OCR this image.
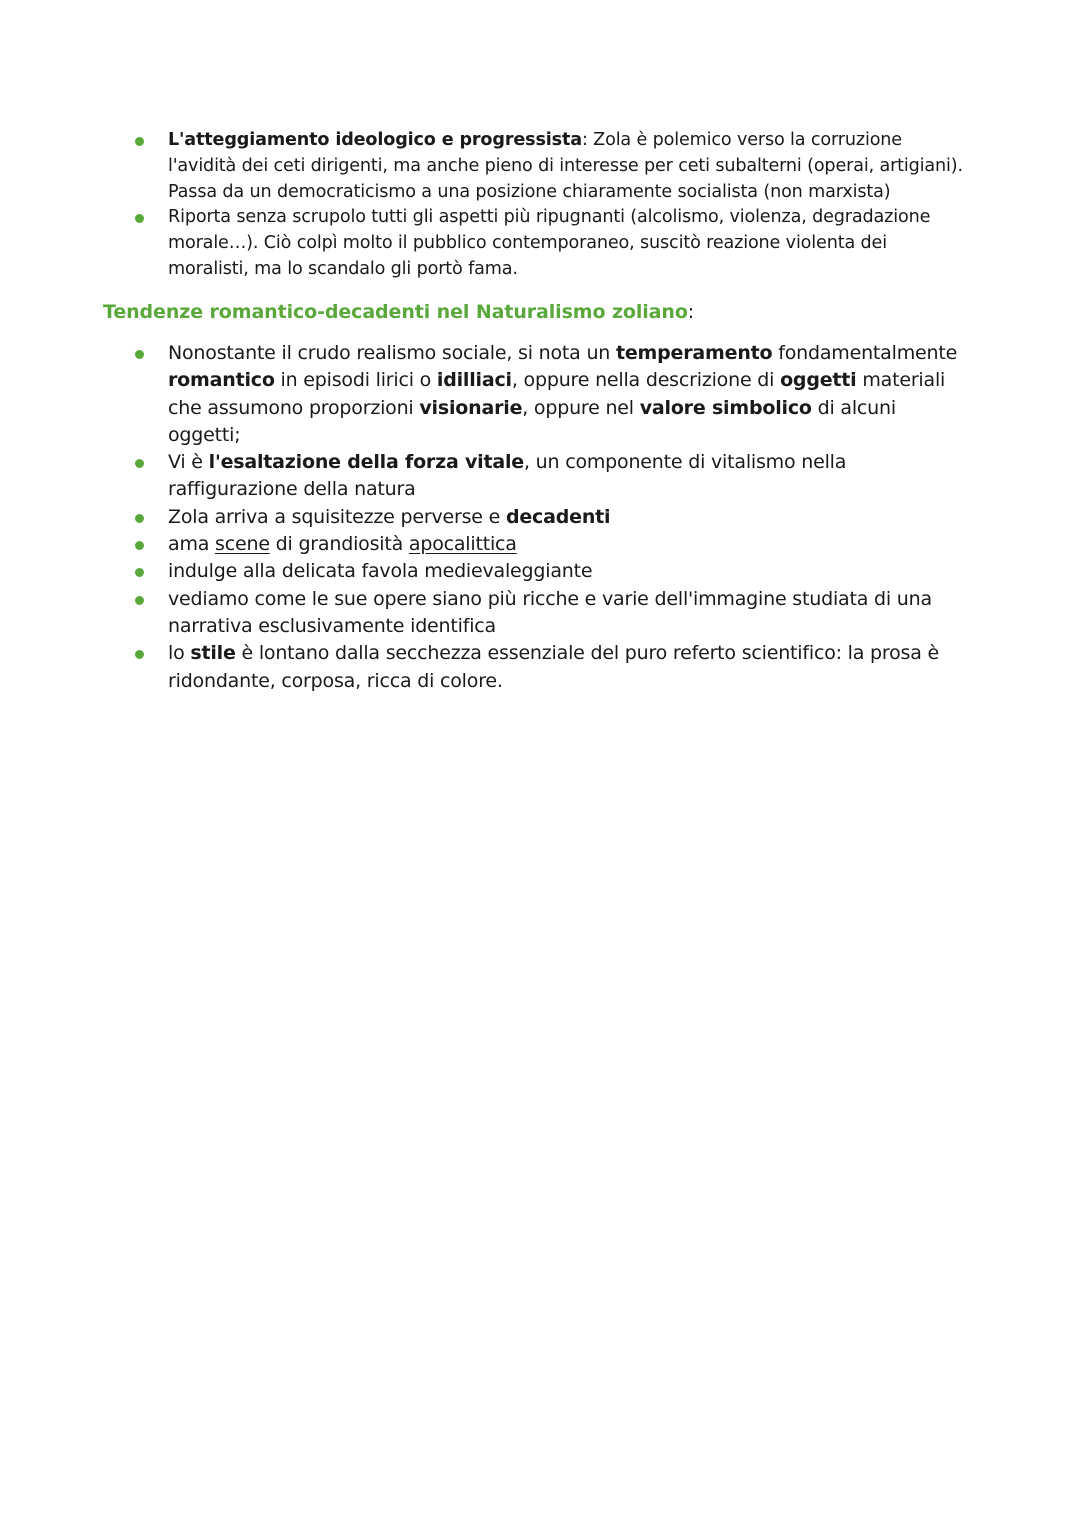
L'atteggiamento ideologico e progressista: Zola è polemico verso la corruzione l'avidità dei ceti dirigenti, ma anche pieno di interesse per ceti subalterni (operai, artigiani). Passa da un democraticismo a una posizione chiaramente socialista (non marxista)
Riporta senza scrupolo tutti gli aspetti più ripugnanti (alcolismo, violenza, degradazione morale…). Ciò colpì molto il pubblico contemporaneo, suscitò reazione violenta dei moralisti, ma lo scandalo gli portò fama.
Tendenze romantico-decadenti nel Naturalismo zoliano:
Nonostante il crudo realismo sociale, si nota un temperamento fondamentalmente romantico in episodi lirici o idilliaci, oppure nella descrizione di oggetti materiali che assumono proporzioni visionarie, oppure nel valore simbolico di alcuni oggetti;
Vi è l'esaltazione della forza vitale, un componente di vitalismo nella raffigurazione della natura
Zola arriva a squisitezze perverse e decadenti
ama scene di grandiosità apocalittica
indulge alla delicata favola medievaleggiante
vediamo come le sue opere siano più ricche e varie dell'immagine studiata di una narrativa esclusivamente identifica
lo stile è lontano dalla secchezza essenziale del puro referto scientifico: la prosa è ridondante, corposa, ricca di colore.
